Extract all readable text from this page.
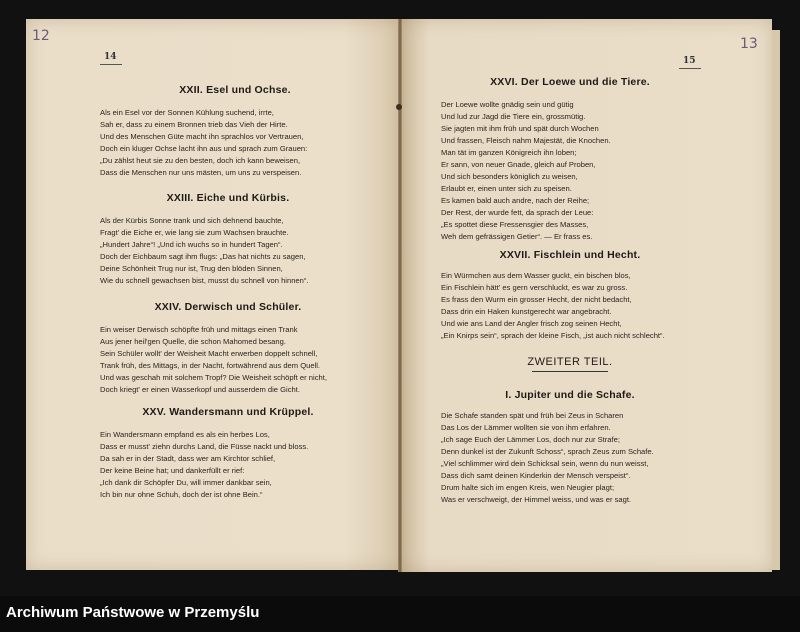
12	13
14	15
XXII. Esel und Ochse.
Als ein Esel vor der Sonnen Kühlung suchend, irrte,
Sah er, dass zu einem Bronnen trieb das Vieh der Hirte.
Und des Menschen Güte macht ihn sprachlos vor Vertrauen,
Doch ein kluger Ochse lacht ihn aus und sprach zum Grauen:
„Du zählst heut sie zu den besten, doch ich kann beweisen,
Dass die Menschen nur uns mästen, um uns zu verspeisen.
XXIII. Eiche und Kürbis.
Als der Kürbis Sonne trank und sich dehnend bauchte,
Fragt' die Eiche er, wie lang sie zum Wachsen brauchte.
„Hundert Jahre“! „Und ich wuchs so in hundert Tagen“.
Doch der Eichbaum sagt ihm flugs: „Das hat nichts zu sagen,
Deine Schönheit Trug nur ist, Trug den blöden Sinnen,
Wie du schnell gewachsen bist, musst du schnell von hinnen“.
XXIV. Derwisch und Schüler.
Ein weiser Derwisch schöpfte früh und mittags einen Trank
Aus jener heil'gen Quelle, die schon Mahomed besang.
Sein Schüler wollt' der Weisheit Macht erwerben doppelt schnell,
Trank früh, des Mittags, in der Nacht, fortwährend aus dem Quell.
Und was geschah mit solchem Tropf? Die Weisheit schöpft er nicht,
Doch kriegt' er einen Wasserkopf und ausserdem die Gicht.
XXV. Wandersmann und Krüppel.
Ein Wandersmann empfand es als ein herbes Los,
Dass er musst' ziehn durchs Land, die Füsse nackt und bloss.
Da sah er in der Stadt, dass wer am Kirchtor schlief,
Der keine Beine hat; und dankerfüllt er rief:
„Ich dank dir Schöpfer Du, will immer dankbar sein,
Ich bin nur ohne Schuh, doch der ist ohne Bein.“
XXVI. Der Loewe und die Tiere.
Der Loewe wollte gnädig sein und gütig
Und lud zur Jagd die Tiere ein, grossmütig.
Sie jagten mit ihm früh und spät durch Wochen
Und frassen, Fleisch nahm Majestät, die Knochen.
Man tät im ganzen Königreich ihn loben;
Er sann, von neuer Gnade, gleich auf Proben,
Und sich besonders königlich zu weisen,
Erlaubt er, einen unter sich zu speisen.
Es kamen bald auch andre, nach der Reihe;
Der Rest, der wurde fett, da sprach der Leue:
„Es spottet diese Fressensgier des Masses,
Weh dem gefrässigen Getier“. — Er frass es.
XXVII. Fischlein und Hecht.
Ein Würmchen aus dem Wasser guckt, ein bischen blos,
Ein Fischlein hätt' es gern verschluckt, es war zu gross.
Es frass den Wurm ein grosser Hecht, der nicht bedacht,
Dass drin ein Haken kunstgerecht war angebracht.
Und wie ans Land der Angler frisch zog seinen Hecht,
„Ein Knirps sein“, sprach der kleine Fisch, „ist auch nicht schlecht“.
ZWEITER TEIL.
I. Jupiter und die Schafe.
Die Schafe standen spät und früh bei Zeus in Scharen
Das Los der Lämmer wollten sie von ihm erfahren.
„Ich sage Euch der Lämmer Los, doch nur zur Strafe;
Denn dunkel ist der Zukunft Schoss“, sprach Zeus zum Schafe.
„Viel schlimmer wird dein Schicksal sein, wenn du nun weisst,
Dass dich samt deinen Kinderkin der Mensch verspeist“.
Drum halte sich im engen Kreis, wen Neugier plagt;
Was er verschweigt, der Himmel weiss, und was er sagt.
Archiwum Państwowe w Przemyślu
